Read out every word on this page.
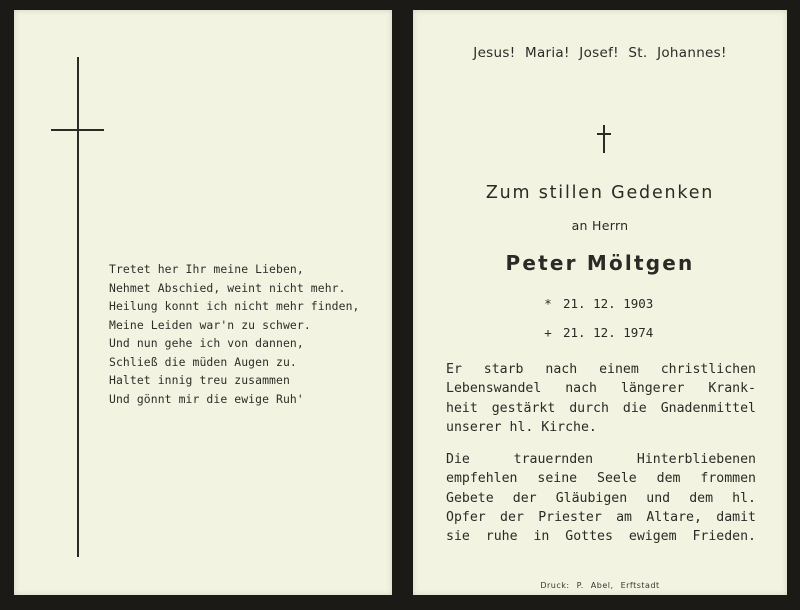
Tretet her Ihr meine Lieben,
Nehmet Abschied, weint nicht mehr.
Heilung konnt ich nicht mehr finden,
Meine Leiden war'n zu schwer.
Und nun gehe ich von dannen,
Schließ die müden Augen zu.
Haltet innig treu zusammen
Und gönnt mir die ewige Ruh'
Jesus! Maria! Josef! St. Johannes!
Zum stillen Gedenken
an Herrn
Peter Möltgen
* 21. 12. 1903
+ 21. 12. 1974
Er starb nach einem christlichen
Lebenswandel nach längerer Krank-
heit gestärkt durch die Gnadenmittel
unserer hl. Kirche.
Die trauernden Hinterbliebenen
empfehlen seine Seele dem frommen
Gebete der Gläubigen und dem hl.
Opfer der Priester am Altare, damit
sie ruhe in Gottes ewigem Frieden.
Druck: P. Abel, Erftstadt
